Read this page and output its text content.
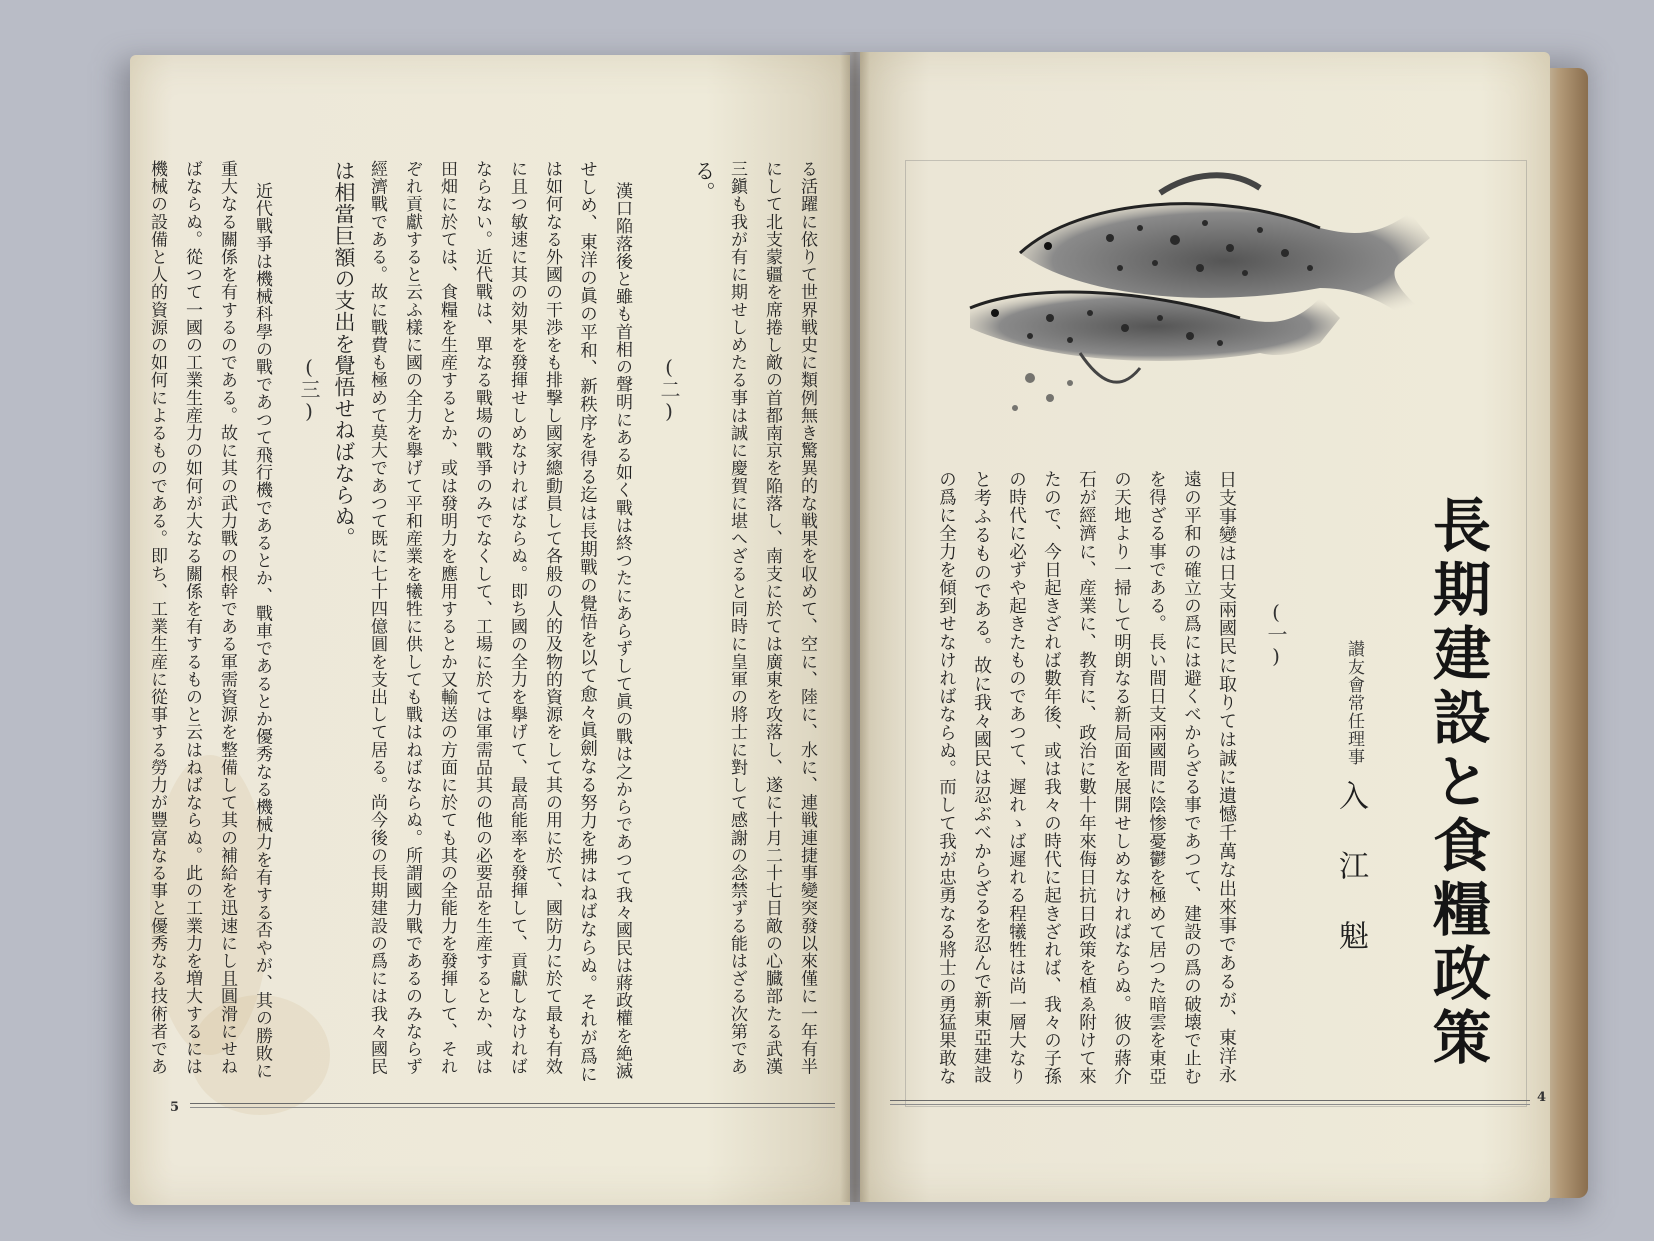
る活躍に依りて世界戦史に類例無き驚異的な戦果を収めて、空に、陸に、水に、連戦連捷事變突發以來僅に一年有半
にして北支蒙疆を席捲し敵の首都南京を陥落し、南支に於ては廣東を攻落し、遂に十月二十七日敵の心臓部たる武漢
三鎭も我が有に期せしめたる事は誠に慶賀に堪へざると同時に皇軍の將士に對して感謝の念禁ずる能はざる次第であ
る。
(二)
漢口陥落後と雖も首相の聲明にある如く戰は終つたにあらずして眞の戰は之からであつて我々國民は蔣政權を絶滅
せしめ、東洋の眞の平和、新秩序を得る迄は長期戰の覺悟を以て愈々眞劍なる努力を拂はねばならぬ。それが爲に
は如何なる外國の干渉をも排撃し國家總動員して各般の人的及物的資源をして其の用に於て、國防力に於て最も有效
に且つ敏速に其の効果を發揮せしめなければならぬ。即ち國の全力を擧げて、最高能率を發揮して、貢獻しなければ
ならない。近代戰は、單なる戰場の戰爭のみでなくして、工場に於ては軍需品其の他の必要品を生産するとか、或は
田畑に於ては、食糧を生産するとか、或は發明力を應用するとか又輸送の方面に於ても其の全能力を發揮して、それ
ぞれ貢獻すると云ふ樣に國の全力を擧げて平和産業を犧牲に供しても戰はねばならぬ。所謂國力戰であるのみならず
經濟戰である。故に戰費も極めて莫大であつて既に七十四億圓を支出して居る。尚今後の長期建設の爲には我々國民
は相當巨額の支出を覺悟せねばならぬ。
(三)
近代戰爭は機械科學の戰であつて飛行機であるとか、戰車であるとか優秀なる機械力を有する否やが、其の勝敗に
重大なる關係を有するのである。故に其の武力戰の根幹である軍需資源を整備して其の補給を迅速にし且圓滑にせね
ばならぬ。從つて一國の工業生産力の如何が大なる關係を有するものと云はねばならぬ。此の工業力を増大するには
機械の設備と人的資源の如何によるものである。即ち、工業生産に從事する勞力が豐富なる事と優秀なる技術者であ
5
長期建設と食糧政策
讃友會常任理事
入江魁
(一)
日支事變は日支兩國民に取りては誠に遺憾千萬な出來事であるが、東洋永
遠の平和の確立の爲には避くべからざる事であつて、建設の爲の破壊で止む
を得ざる事である。長い間日支兩國間に陰惨憂鬱を極めて居つた暗雲を東亞
の天地より一掃して明朗なる新局面を展開せしめなければならぬ。彼の蔣介
石が經濟に、産業に、教育に、政治に數十年來侮日抗日政策を植ゑ附けて來
たので、今日起きざれば數年後、或は我々の時代に起きざれば、我々の子孫
の時代に必ずや起きたものであつて、遲れゝば遲れる程犧牲は尚一層大なり
と考ふるものである。故に我々國民は忍ぶべからざるを忍んで新東亞建設
の爲に全力を傾到せなければならぬ。而して我が忠勇なる將士の勇猛果敢な
4
